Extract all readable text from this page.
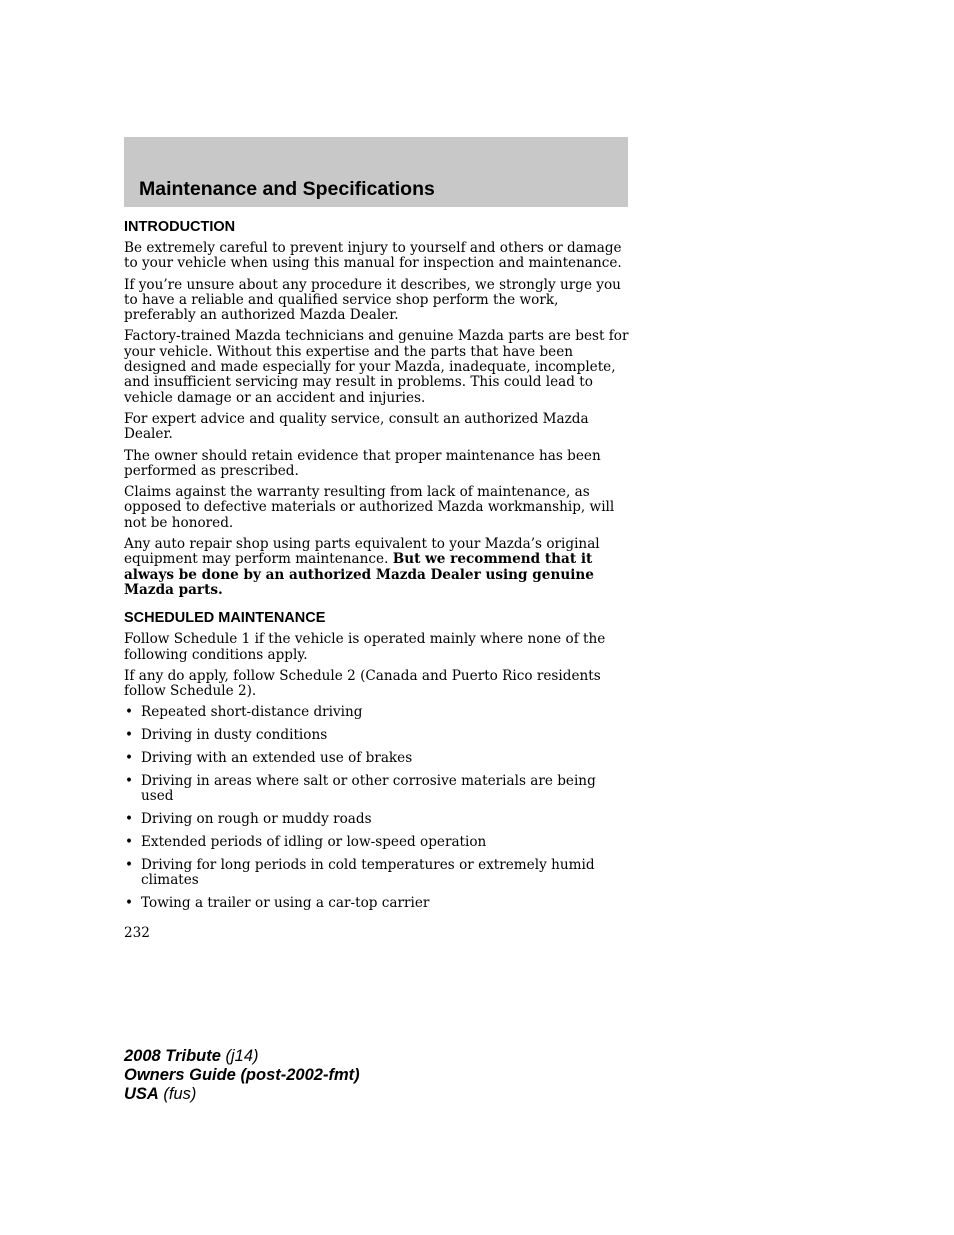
Maintenance and Specifications
INTRODUCTION

Be extremely careful to prevent injury to yourself and others or damage to your vehicle when using this manual for inspection and maintenance.

If you’re unsure about any procedure it describes, we strongly urge you to have a reliable and qualified service shop perform the work, preferably an authorized Mazda Dealer.

Factory-trained Mazda technicians and genuine Mazda parts are best for your vehicle. Without this expertise and the parts that have been designed and made especially for your Mazda, inadequate, incomplete, and insufficient servicing may result in problems. This could lead to vehicle damage or an accident and injuries.

For expert advice and quality service, consult an authorized Mazda Dealer.

The owner should retain evidence that proper maintenance has been performed as prescribed.

Claims against the warranty resulting from lack of maintenance, as opposed to defective materials or authorized Mazda workmanship, will not be honored.

Any auto repair shop using parts equivalent to your Mazda’s original equipment may perform maintenance. But we recommend that it always be done by an authorized Mazda Dealer using genuine Mazda parts.

SCHEDULED MAINTENANCE

Follow Schedule 1 if the vehicle is operated mainly where none of the following conditions apply.

If any do apply, follow Schedule 2 (Canada and Puerto Rico residents follow Schedule 2).

• Repeated short-distance driving
• Driving in dusty conditions
• Driving with an extended use of brakes
• Driving in areas where salt or other corrosive materials are being used
• Driving on rough or muddy roads
• Extended periods of idling or low-speed operation
• Driving for long periods in cold temperatures or extremely humid climates
• Towing a trailer or using a car-top carrier
232
2008 Tribute (j14)
Owners Guide (post-2002-fmt)
USA (fus)
